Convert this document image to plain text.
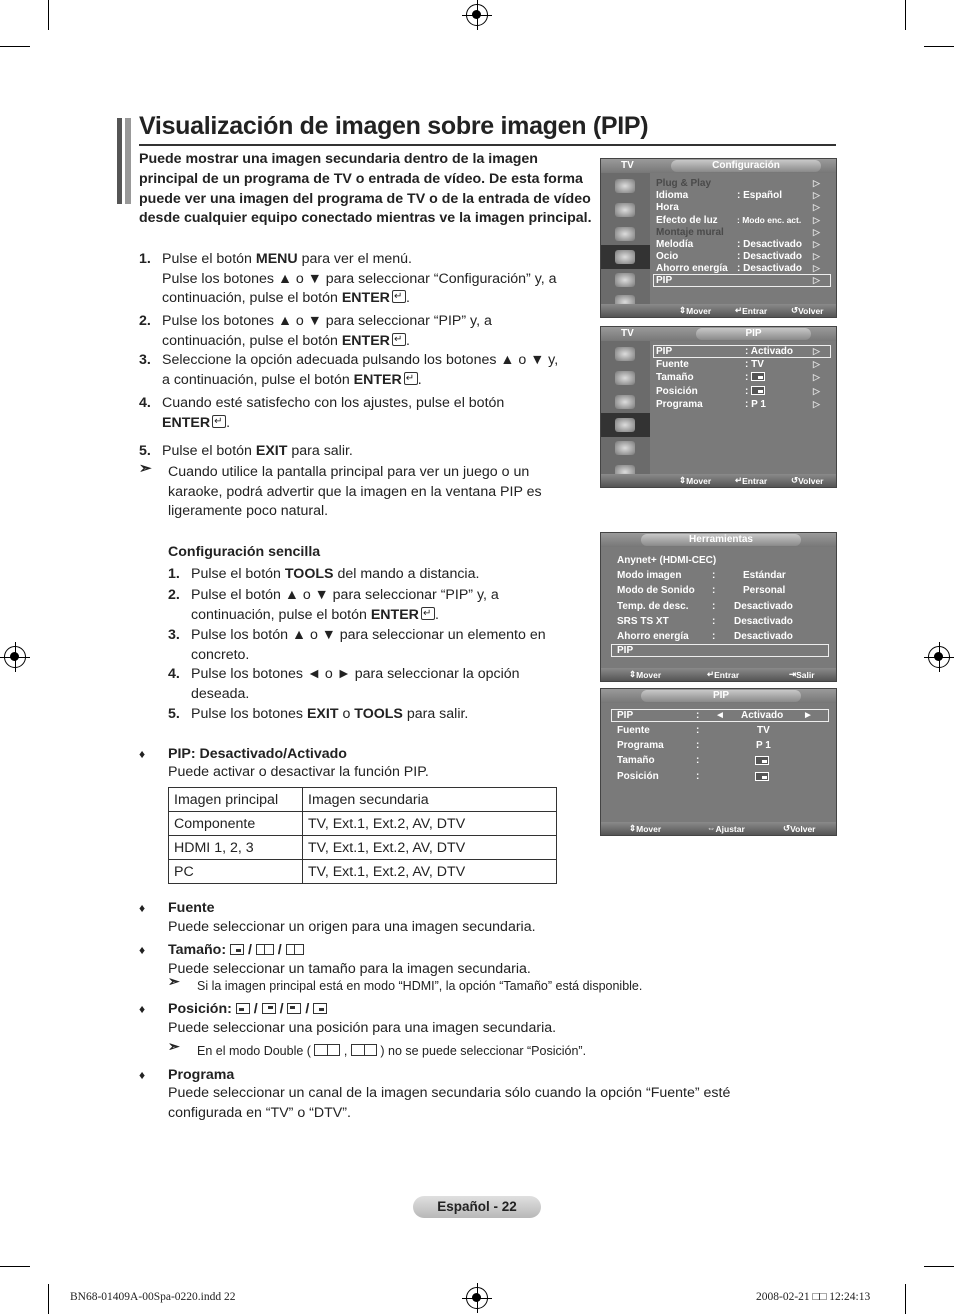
Visualización de imagen sobre imagen (PIP)
Puede mostrar una imagen secundaria dentro de la imagen principal de un programa de TV o entrada de vídeo. De esta forma puede ver una imagen del programa de TV o de la entrada de vídeo desde cualquier equipo conectado mientras ve la imagen principal.
1. Pulse el botón MENU para ver el menú.
Pulse los botones ▲ o ▼ para seleccionar “Configuración” y, a
continuación, pulse el botón ENTER ↵ .
2. Pulse los botones ▲ o ▼ para seleccionar “PIP” y, a
continuación, pulse el botón ENTER ↵ .
3. Seleccione la opción adecuada pulsando los botones ▲ o ▼ y,
a continuación, pulse el botón ENTER ↵ .
4. Cuando esté satisfecho con los ajustes, pulse el botón
ENTER ↵ .
5. Pulse el botón EXIT para salir.
➣ Cuando utilice la pantalla principal para ver un juego o un
karaoke, podrá advertir que la imagen en la ventana PIP es
ligeramente poco natural.
Configuración sencilla
1. Pulse el botón TOOLS del mando a distancia.
2. Pulse el botón ▲ o ▼ para seleccionar “PIP” y, a
continuación, pulse el botón ENTER ↵ .
3. Pulse los botón ▲ o ▼ para seleccionar un elemento en
concreto.
4. Pulse los botones ◄ o ► para seleccionar la opción
deseada.
5. Pulse los botones EXIT o TOOLS para salir.
♦ PIP: Desactivado/Activado
Puede activar o desactivar la función PIP.
Imagen principal	Imagen secundaria
Componente	TV, Ext.1, Ext.2, AV, DTV
HDMI 1, 2, 3	TV, Ext.1, Ext.2, AV, DTV
PC	TV, Ext.1, Ext.2, AV, DTV
♦ Fuente
Puede seleccionar un origen para una imagen secundaria.
♦ Tamaño:
/
/
Puede seleccionar un tamaño para la imagen secundaria.
➣ Si la imagen principal está en modo “HDMI”, la opción “Tamaño” está disponible.
♦ Posición:
/
/
/
Puede seleccionar una posición para una imagen secundaria.
➣ En el modo Double (	,	) no se puede seleccionar “Posición”.
♦ Programa
Puede seleccionar un canal de la imagen secundaria sólo cuando la opción “Fuente” esté
configurada en “TV” o “DTV”.
TV	Configuración
Plug & Play
Idioma	: Español
Hora
Efecto de luz : Modo enc. act.
Montaje mural
Melodía	: Desactivado
Ocio	: Desactivado
Ahorro energía : Desactivado
PIP
▷
▷
▷
▷
▷
▷
▷
▷
▷
⇕ Mover	↵ Entrar	↺ Volver
TV	PIP
PIP	: Activado
Fuente	: TV
Tamaño	:
Posición	:
Programa	: P 1
▷
▷
▷
▷
▷
⇕ Mover	↵ Entrar	↺ Volver
Herramientas
Anynet+ (HDMI-CEC)
Modo imagen	:	Estándar
Modo de Sonido :	Personal
Temp. de desc. : Desactivado
SRS TS XT	: Desactivado
Ahorro energía : Desactivado
PIP
⇕ Mover	↵ Entrar	⇥ Salir
PIP
PIP	: ◄ Activado ►
Fuente	:	TV
Programa	:	P 1
Tamaño	:
Posición	:
⇕ Mover	⇔ Ajustar	↺ Volver
Español - 22
BN68-01409A-00Spa-0220.indd 22	2008-02-21 □□ 12:24:13
